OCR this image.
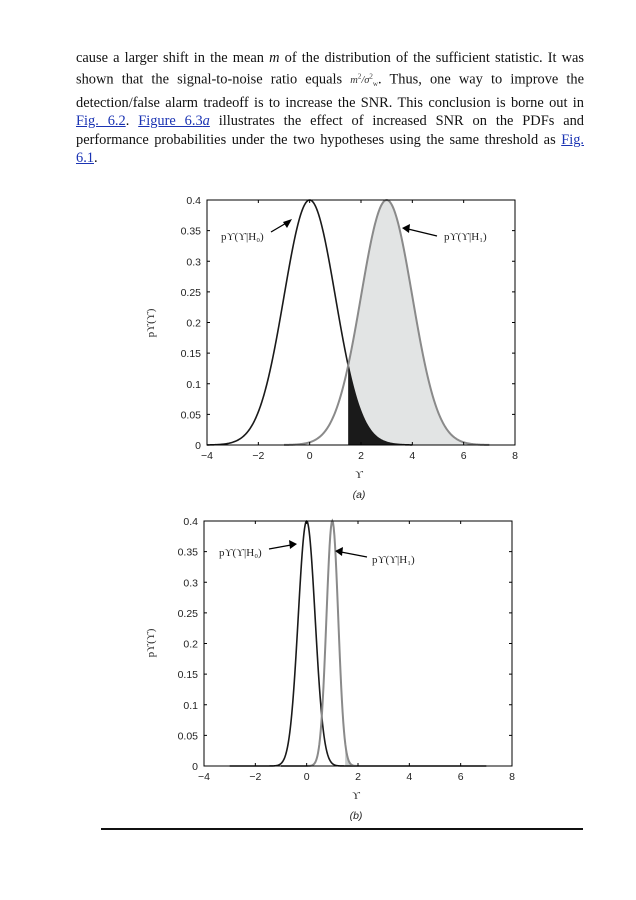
cause a larger shift in the mean m of the distribution of the sufficient statistic. It was shown that the signal-to-noise ratio equals $m^2/\sigma^2_w$. Thus, one way to improve the detection/false alarm tradeoff is to increase the SNR. This conclusion is borne out in Fig. 6.2. Figure 6.3a illustrates the effect of increased SNR on the PDFs and performance probabilities under the two hypotheses using the same threshold as Fig. 6.1.
−4	−2	0	2	4	6	8
0
0.05
0.1
0.15
0.2
0.25
0.3
0.35
0.4
ϒ
pϒ(ϒ)
(a)
pϒ(ϒ|H₀)	pϒ(ϒ|H₁)
−4	−2	0	2	4	6	8
0
0.05
0.1
0.15
0.2
0.25
0.3
0.35
0.4
ϒ
pϒ(ϒ)
(b)
pϒ(ϒ|H₀)
pϒ(ϒ|H₁)
